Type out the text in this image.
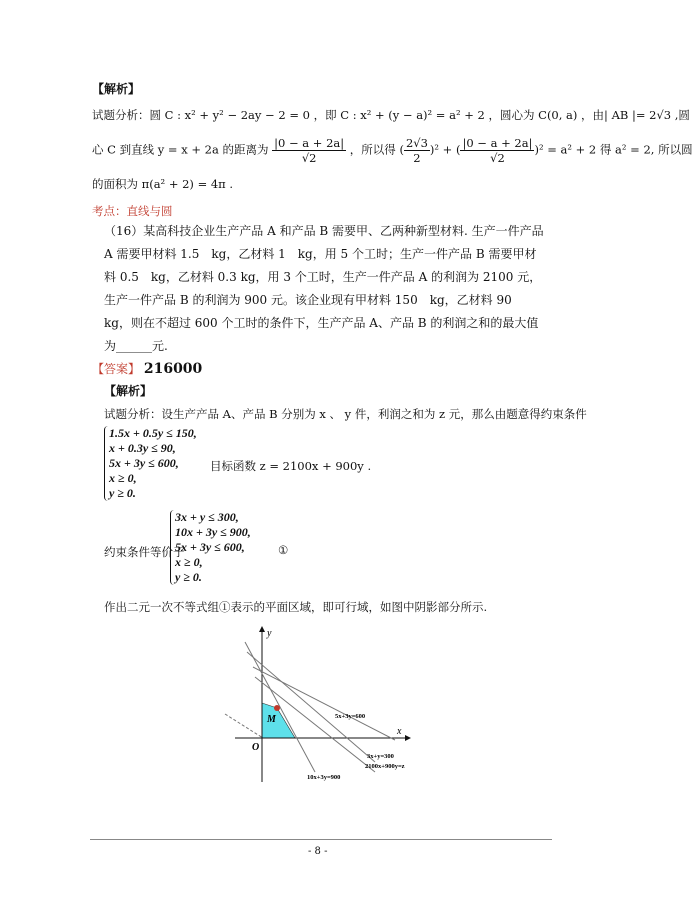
【解析】
试题分析：圆 C : x² + y² − 2ay − 2 = 0 ，即 C : x² + (y − a)² = a² + 2 ，圆心为 C(0, a) ，由| AB |= 2√3 ,圆
心 C 到直线 y = x + 2a 的距离为 $\frac{|0 - a + 2a|}{√2}$ ，所以得 ( $\frac{2√3}{2} )^2$ + ( $\frac{|0 - a + 2a|}{√2} )^2 = a^2 + 2$ 得 a² = 2, 所以圆
的面积为 π(a² + 2) = 4π .
考点：直线与圆
（16）某高科技企业生产产品 A 和产品 B 需要甲、乙两种新型材料. 生产一件产品 A 需要甲材料 1.5　kg，乙材料 1　kg，用 5 个工时；生产一件产品 B 需要甲材料 0.5　kg，乙材料 0.3 kg，用 3 个工时，生产一件产品 A 的利润为 2100 元，生产一件产品 B 的利润为 900 元。该企业现有甲材料 150　kg，乙材料 90　kg，则在不超过 600 个工时的条件下，生产产品 A、产品 B 的利润之和的最大值为______元.
【答案】 216000
【解析】
试题分析：设生产产品 A、产品 B 分别为 x 、 y 件，利润之和为 z 元，那么由题意得约束条件
1.5x + 0.5y ≤ 150,
x + 0.3y ≤ 90,
5x + 3y ≤ 600,
x ≥ 0,
y ≥ 0.
目标函数 z = 2100x + 900y .
约束条件等价于
3x + y ≤ 300,
10x + 3y ≤ 900,
5x + 3y ≤ 600,
x ≥ 0,
y ≥ 0.
①
作出二元一次不等式组①表示的平面区域，即可行域，如图中阴影部分所示.
y
x
O
M	5x+3y=600
3x+y=300
2100x+900y=z
10x+3y=900
- 8 -
